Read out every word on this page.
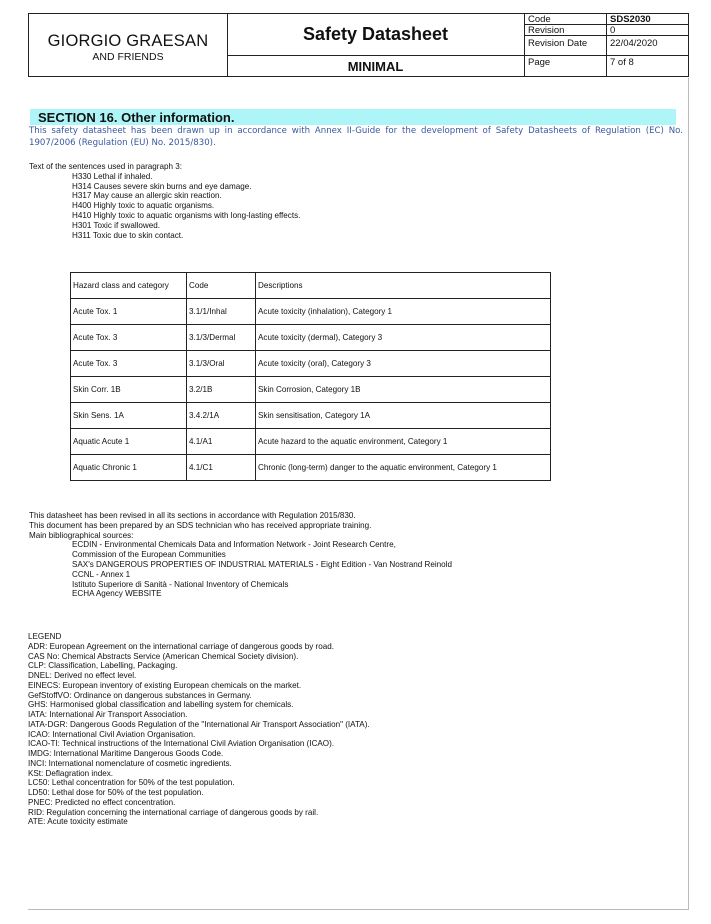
GIORGIO GRAESAN
AND FRIENDS
Safety Datasheet
MINIMAL
Code	SDS2030
Revision	0
Revision Date 22/04/2020
Page	7 of 8
SECTION 16. Other information.
This safety datasheet has been drawn up in accordance with Annex II-Guide for the development of Safety Datasheets of Regulation (EC) No. 1907/2006 (Regulation (EU) No. 2015/830).
Text of the sentences used in paragraph 3:
H330 Lethal if inhaled.
H314 Causes severe skin burns and eye damage.
H317 May cause an allergic skin reaction.
H400 Highly toxic to aquatic organisms.
H410 Highly toxic to aquatic organisms with long-lasting effects.
H301 Toxic if swallowed.
H311 Toxic due to skin contact.
Hazard class and category	Code	Descriptions
Acute Tox. 1	3.1/1/Inhal	Acute toxicity (inhalation), Category 1
Acute Tox. 3	3.1/3/Dermal	Acute toxicity (dermal), Category 3
Acute Tox. 3	3.1/3/Oral	Acute toxicity (oral), Category 3
Skin Corr. 1B	3.2/1B	Skin Corrosion, Category 1B
Skin Sens. 1A	3.4.2/1A	Skin sensitisation, Category 1A
Aquatic Acute 1	4.1/A1	Acute hazard to the aquatic environment, Category 1
Aquatic Chronic 1	4.1/C1	Chronic (long-term) danger to the aquatic environment, Category 1
This datasheet has been revised in all its sections in accordance with Regulation 2015/830.
This document has been prepared by an SDS technician who has received appropriate training.
Main bibliographical sources:
ECDIN - Environmental Chemicals Data and Information Network - Joint Research Centre,
Commission of the European Communities
SAX's DANGEROUS PROPERTIES OF INDUSTRIAL MATERIALS - Eight Edition - Van Nostrand Reinold
CCNL - Annex 1
Istituto Superiore di Sanità - National Inventory of Chemicals
ECHA Agency WEBSITE
LEGEND
ADR: European Agreement on the international carriage of dangerous goods by road.
CAS No: Chemical Abstracts Service (American Chemical Society division).
CLP: Classification, Labelling, Packaging.
DNEL: Derived no effect level.
EINECS: European inventory of existing European chemicals on the market.
GefStoffVO: Ordinance on dangerous substances in Germany.
GHS: Harmonised global classification and labelling system for chemicals.
IATA: International Air Transport Association.
IATA-DGR: Dangerous Goods Regulation of the "International Air Transport Association" (IATA).
ICAO: International Civil Aviation Organisation.
ICAO-TI: Technical instructions of the International Civil Aviation Organisation (ICAO).
IMDG: International Maritime Dangerous Goods Code.
INCI: International nomenclature of cosmetic ingredients.
KSt: Deflagration index.
LC50: Lethal concentration for 50% of the test population.
LD50: Lethal dose for 50% of the test population.
PNEC: Predicted no effect concentration.
RID: Regulation concerning the international carriage of dangerous goods by rail.
ATE: Acute toxicity estimate
